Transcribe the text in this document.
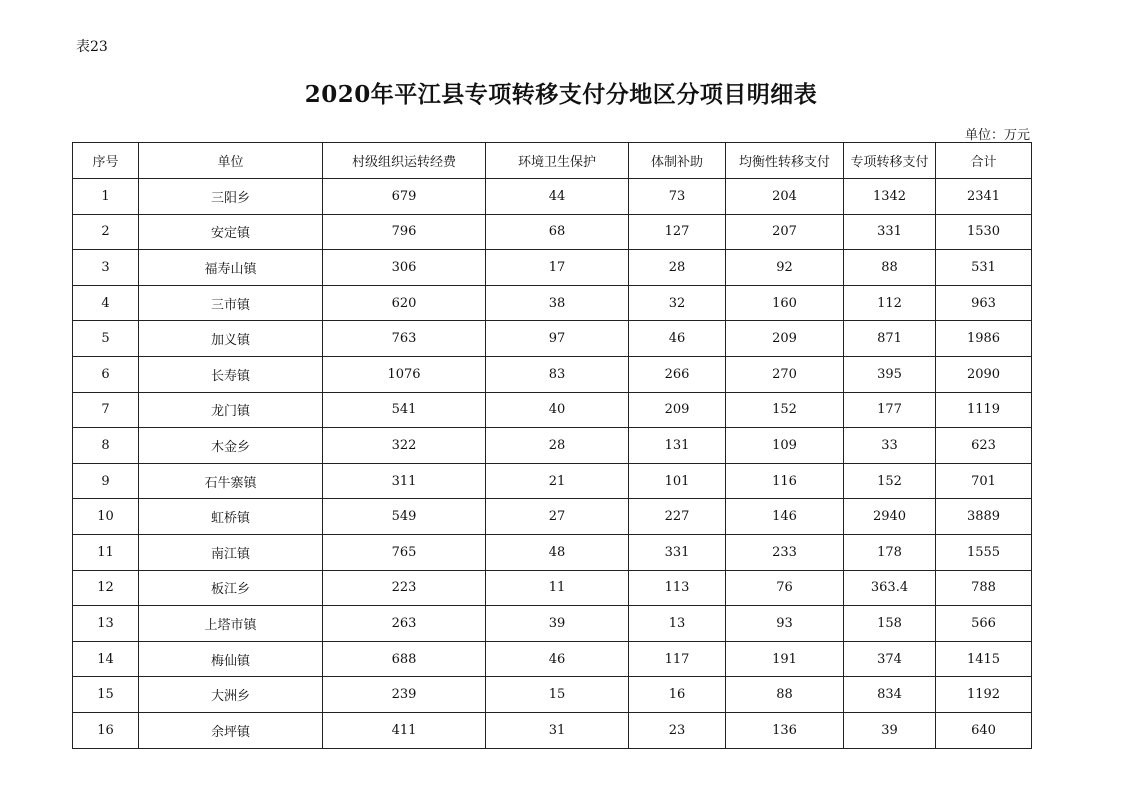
表23
2020年平江县专项转移支付分地区分项目明细表
单位：万元
序号	单位	村级组织运转经费	环境卫生保护	体制补助	均衡性转移支付	专项转移支付	合计
1	三阳乡	679	44	73	204	1342	2341
2	安定镇	796	68	127	207	331	1530
3	福寿山镇	306	17	28	92	88	531
4	三市镇	620	38	32	160	112	963
5	加义镇	763	97	46	209	871	1986
6	长寿镇	1076	83	266	270	395	2090
7	龙门镇	541	40	209	152	177	1119
8	木金乡	322	28	131	109	33	623
9	石牛寨镇	311	21	101	116	152	701
10	虹桥镇	549	27	227	146	2940	3889
11	南江镇	765	48	331	233	178	1555
12	板江乡	223	11	113	76	363.4	788
13	上塔市镇	263	39	13	93	158	566
14	梅仙镇	688	46	117	191	374	1415
15	大洲乡	239	15	16	88	834	1192
16	余坪镇	411	31	23	136	39	640
